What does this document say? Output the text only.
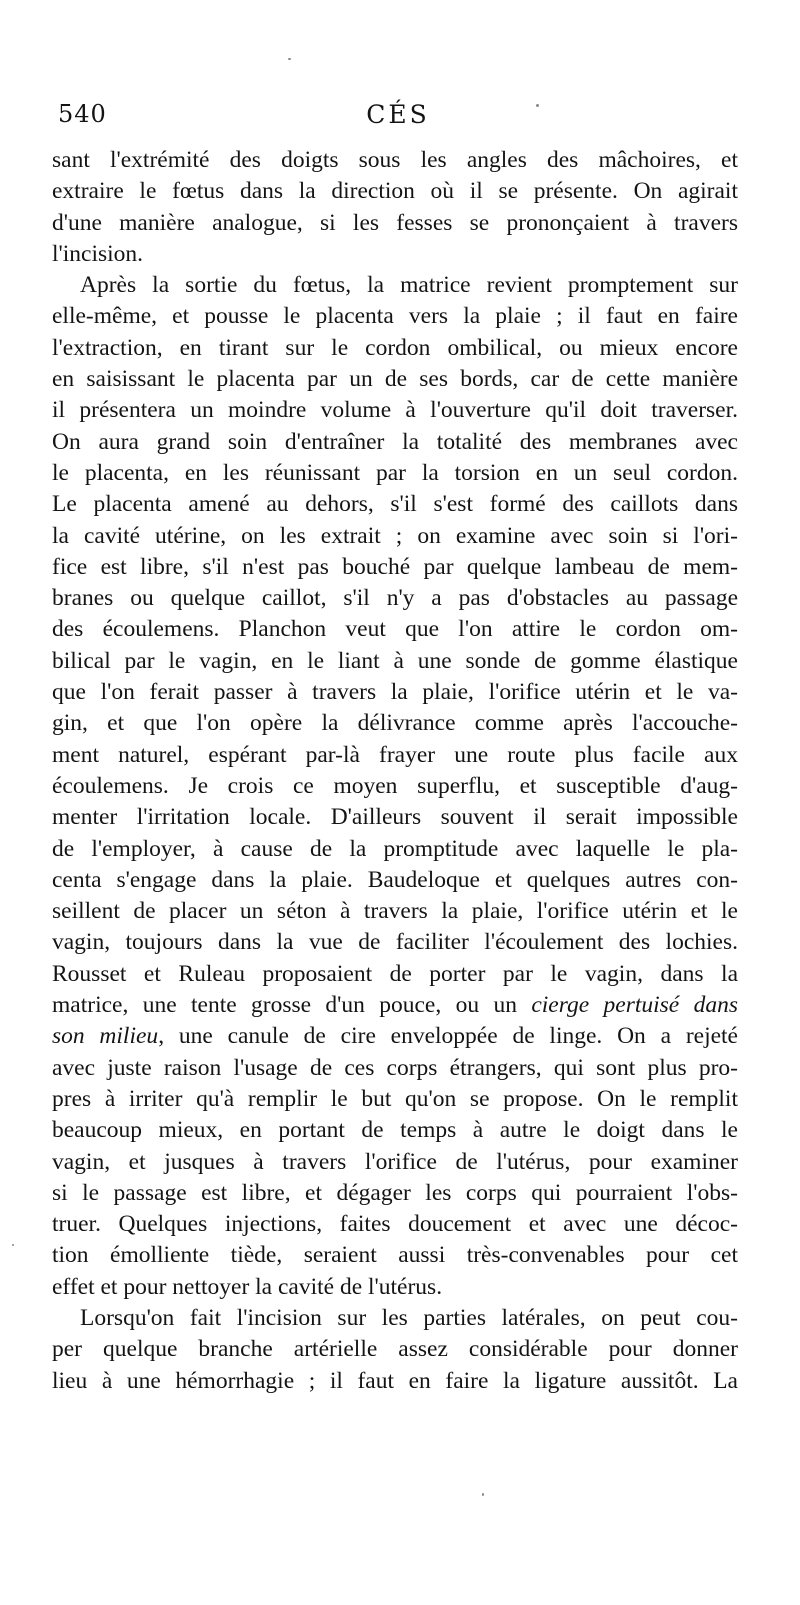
540	CÉS
sant l'extrémité des doigts sous les angles des mâchoires, et
extraire le fœtus dans la direction où il se présente. On agirait
d'une manière analogue, si les fesses se prononçaient à travers
l'incision.
Après la sortie du fœtus, la matrice revient promptement sur
elle-même, et pousse le placenta vers la plaie ; il faut en faire
l'extraction, en tirant sur le cordon ombilical, ou mieux encore
en saisissant le placenta par un de ses bords, car de cette manière
il présentera un moindre volume à l'ouverture qu'il doit traverser.
On aura grand soin d'entraîner la totalité des membranes avec
le placenta, en les réunissant par la torsion en un seul cordon.
Le placenta amené au dehors, s'il s'est formé des caillots dans
la cavité utérine, on les extrait ; on examine avec soin si l'ori-
fice est libre, s'il n'est pas bouché par quelque lambeau de mem-
branes ou quelque caillot, s'il n'y a pas d'obstacles au passage
des écoulemens. Planchon veut que l'on attire le cordon om-
bilical par le vagin, en le liant à une sonde de gomme élastique
que l'on ferait passer à travers la plaie, l'orifice utérin et le va-
gin, et que l'on opère la délivrance comme après l'accouche-
ment naturel, espérant par-là frayer une route plus facile aux
écoulemens. Je crois ce moyen superflu, et susceptible d'aug-
menter l'irritation locale. D'ailleurs souvent il serait impossible
de l'employer, à cause de la promptitude avec laquelle le pla-
centa s'engage dans la plaie. Baudeloque et quelques autres con-
seillent de placer un séton à travers la plaie, l'orifice utérin et le
vagin, toujours dans la vue de faciliter l'écoulement des lochies.
Rousset et Ruleau proposaient de porter par le vagin, dans la
matrice, une tente grosse d'un pouce, ou un cierge pertuisé dans
son milieu, une canule de cire enveloppée de linge. On a rejeté
avec juste raison l'usage de ces corps étrangers, qui sont plus pro-
pres à irriter qu'à remplir le but qu'on se propose. On le remplit
beaucoup mieux, en portant de temps à autre le doigt dans le
vagin, et jusques à travers l'orifice de l'utérus, pour examiner
si le passage est libre, et dégager les corps qui pourraient l'obs-
truer. Quelques injections, faites doucement et avec une décoc-
tion émolliente tiède, seraient aussi très-convenables pour cet
effet et pour nettoyer la cavité de l'utérus.
Lorsqu'on fait l'incision sur les parties latérales, on peut cou-
per quelque branche artérielle assez considérable pour donner
lieu à une hémorrhagie ; il faut en faire la ligature aussitôt. La
